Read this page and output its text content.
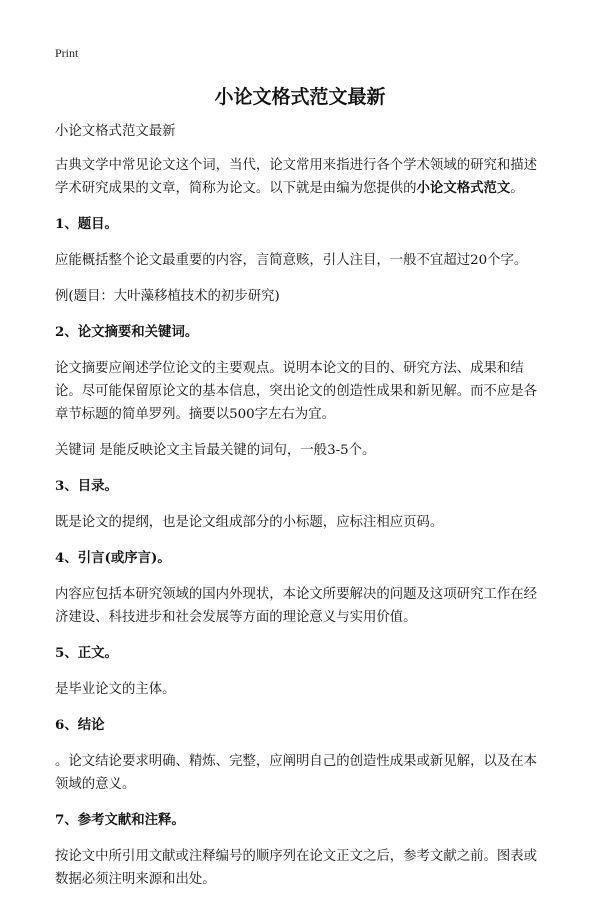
Print
小论文格式范文最新

小论文格式范文最新

古典文学中常见论文这个词，当代，论文常用来指进行各个学术领域的研究和描述学术研究成果的文章，简称为论文。以下就是由编为您提供的小论文格式范文。

1、题目。

应能概括整个论文最重要的内容，言简意赅，引人注目，一般不宜超过20个字。

例(题目：大叶藻移植技术的初步研究)

2、论文摘要和关键词。

论文摘要应阐述学位论文的主要观点。说明本论文的目的、研究方法、成果和结论。尽可能保留原论文的基本信息，突出论文的创造性成果和新见解。而不应是各章节标题的简单罗列。摘要以500字左右为宜。

关键词 是能反映论文主旨最关键的词句，一般3-5个。

3、目录。

既是论文的提纲，也是论文组成部分的小标题，应标注相应页码。

4、引言(或序言)。

内容应包括本研究领域的国内外现状，本论文所要解决的问题及这项研究工作在经济建设、科技进步和社会发展等方面的理论意义与实用价值。

5、正文。

是毕业论文的主体。

6、结论

。论文结论要求明确、精炼、完整，应阐明自己的创造性成果或新见解，以及在本领域的意义。

7、参考文献和注释。

按论文中所引用文献或注释编号的顺序列在论文正文之后，参考文献之前。图表或数据必须注明来源和出处。
